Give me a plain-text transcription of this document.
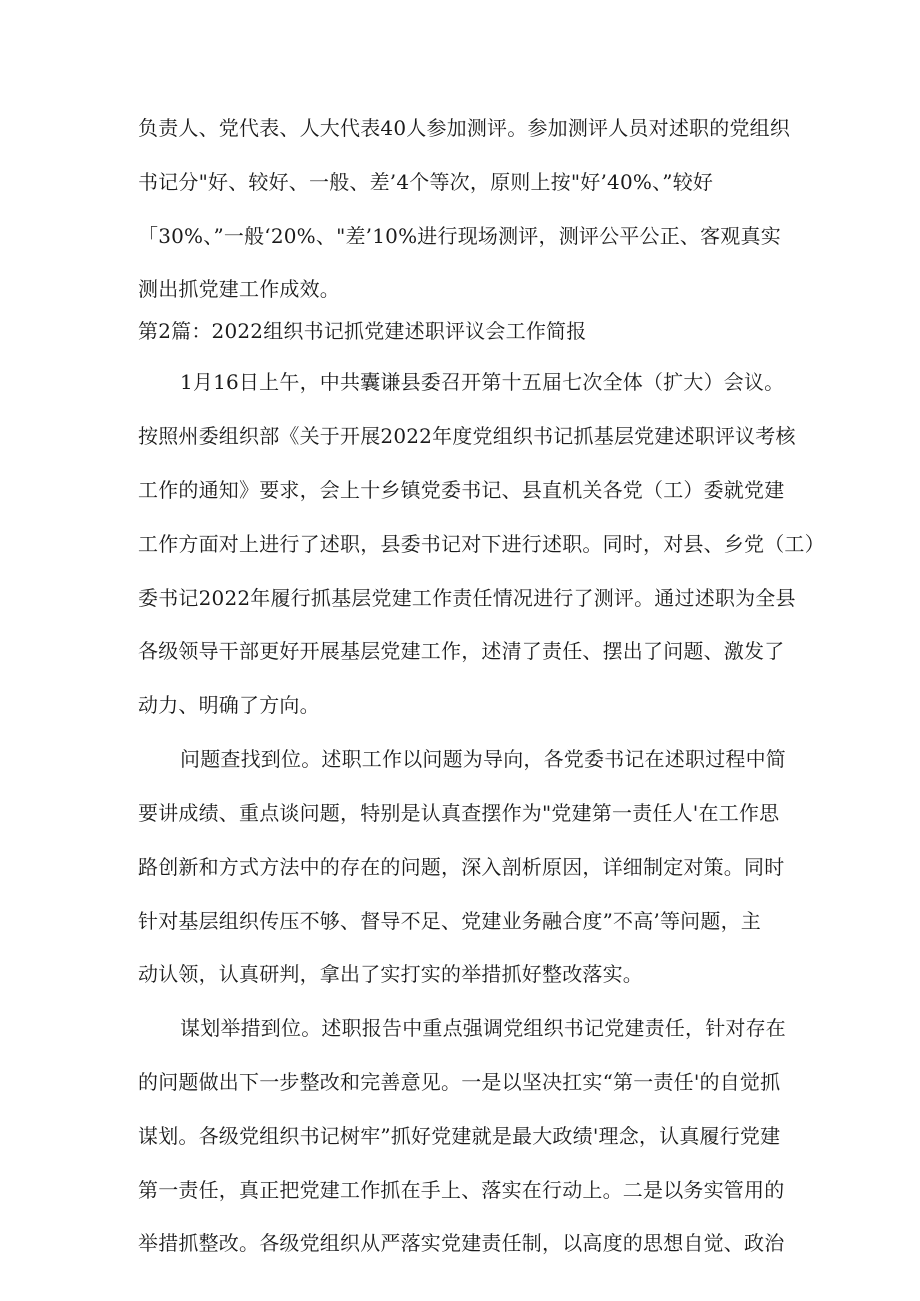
负责人、党代表、人大代表40人参加测评。参加测评人员对述职的党组织
书记分"好、较好、一般、差’4个等次，原则上按"好’40%、”较好
「30%、”一般‘20%、"差’10%进行现场测评，测评公平公正、客观真实
测出抓党建工作成效。
第2篇：2022组织书记抓党建述职评议会工作简报
1月16日上午，中共囊谦县委召开第十五届七次全体（扩大）会议。
按照州委组织部《关于开展2022年度党组织书记抓基层党建述职评议考核
工作的通知》要求，会上十乡镇党委书记、县直机关各党（工）委就党建
工作方面对上进行了述职，县委书记对下进行述职。同时，对县、乡党（工）
委书记2022年履行抓基层党建工作责任情况进行了测评。通过述职为全县
各级领导干部更好开展基层党建工作，述清了责任、摆出了问题、激发了
动力、明确了方向。
问题查找到位。述职工作以问题为导向，各党委书记在述职过程中简
要讲成绩、重点谈问题，特别是认真查摆作为"党建第一责任人'在工作思
路创新和方式方法中的存在的问题，深入剖析原因，详细制定对策。同时
针对基层组织传压不够、督导不足、党建业务融合度”不高’等问题，主
动认领，认真研判，拿出了实打实的举措抓好整改落实。
谋划举措到位。述职报告中重点强调党组织书记党建责任，针对存在
的问题做出下一步整改和完善意见。一是以坚决扛实“第一责任'的自觉抓
谋划。各级党组织书记树牢”抓好党建就是最大政绩'理念，认真履行党建
第一责任，真正把党建工作抓在手上、落实在行动上。二是以务实管用的
举措抓整改。各级党组织从严落实党建责任制，以高度的思想自觉、政治
